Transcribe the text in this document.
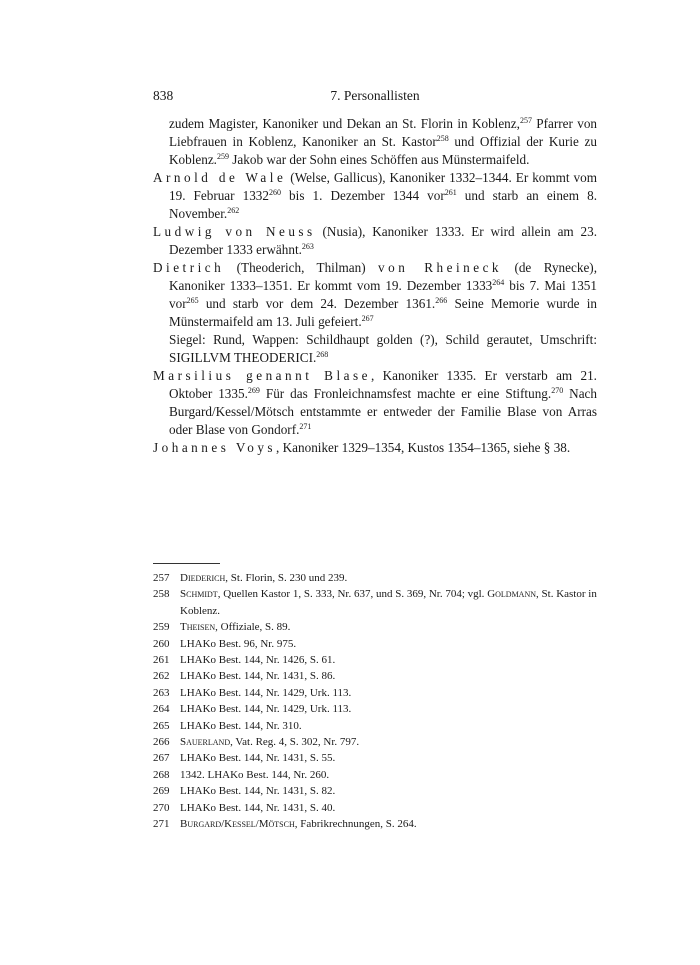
838	7. Personallisten
zudem Magister, Kanoniker und Dekan an St. Florin in Koblenz,$^{257}$ Pfarrer von Liebfrauen in Koblenz, Kanoniker an St. Kastor$^{258}$ und Offizial der Kurie zu Koblenz.$^{259}$ Jakob war der Sohn eines Schöffen aus Münstermaifeld.
Arnold de Wale (Welse, Gallicus), Kanoniker 1332–1344. Er kommt vom 19. Februar 1332$^{260}$ bis 1. Dezember 1344 vor$^{261}$ und starb an einem 8. November.$^{262}$
Ludwig von Neuss (Nusia), Kanoniker 1333. Er wird allein am 23. Dezember 1333 erwähnt.$^{263}$
Dietrich (Theoderich, Thilman) von Rheineck (de Rynecke), Kanoniker 1333–1351. Er kommt vom 19. Dezember 1333$^{264}$ bis 7. Mai 1351 vor$^{265}$ und starb vor dem 24. Dezember 1361.$^{266}$ Seine Memorie wurde in Münstermaifeld am 13. Juli gefeiert.$^{267}$
Siegel: Rund, Wappen: Schildhaupt golden (?), Schild gerautet, Umschrift: SIGILLVM THEODERICI.$^{268}$
Marsilius genannt Blase, Kanoniker 1335. Er verstarb am 21. Oktober 1335.$^{269}$ Für das Fronleichnamsfest machte er eine Stiftung.$^{270}$ Nach Burgard/Kessel/Mötsch entstammte er entweder der Familie Blase von Arras oder Blase von Gondorf.$^{271}$
Johannes Voys, Kanoniker 1329–1354, Kustos 1354–1365, siehe § 38.
257 Diederich, St. Florin, S. 230 und 239.
258 Schmidt, Quellen Kastor 1, S. 333, Nr. 637, und S. 369, Nr. 704; vgl. Goldmann, St. Kastor in Koblenz.
259 Theisen, Offiziale, S. 89.
260 LHAKo Best. 96, Nr. 975.
261 LHAKo Best. 144, Nr. 1426, S. 61.
262 LHAKo Best. 144, Nr. 1431, S. 86.
263 LHAKo Best. 144, Nr. 1429, Urk. 113.
264 LHAKo Best. 144, Nr. 1429, Urk. 113.
265 LHAKo Best. 144, Nr. 310.
266 Sauerland, Vat. Reg. 4, S. 302, Nr. 797.
267 LHAKo Best. 144, Nr. 1431, S. 55.
268 1342. LHAKo Best. 144, Nr. 260.
269 LHAKo Best. 144, Nr. 1431, S. 82.
270 LHAKo Best. 144, Nr. 1431, S. 40.
271 Burgard/Kessel/Mötsch, Fabrikrechnungen, S. 264.
